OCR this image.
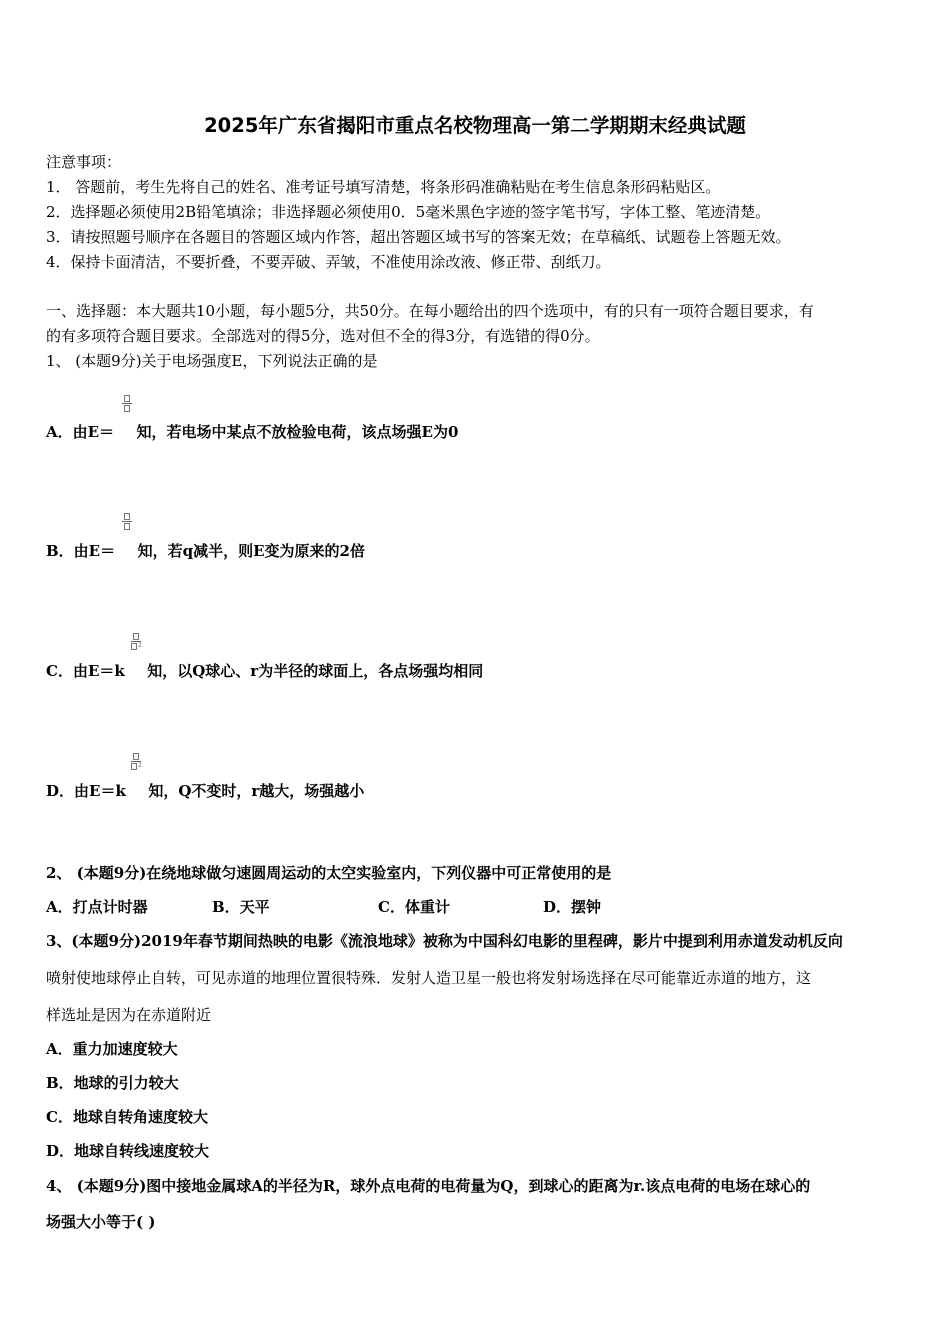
2025年广东省揭阳市重点名校物理高一第二学期期末经典试题
注意事项：
1． 答题前，考生先将自己的姓名、准考证号填写清楚，将条形码准确粘贴在考生信息条形码粘贴区。
2．选择题必须使用2B铅笔填涂；非选择题必须使用0．5毫米黑色字迹的签字笔书写，字体工整、笔迹清楚。
3．请按照题号顺序在各题目的答题区域内作答，超出答题区域书写的答案无效；在草稿纸、试题卷上答题无效。
4．保持卡面清洁，不要折叠，不要弄破、弄皱，不准使用涂改液、修正带、刮纸刀。
一、选择题：本大题共10小题，每小题5分，共50分。在每小题给出的四个选项中，有的只有一项符合题目要求，有
的有多项符合题目要求。全部选对的得5分，选对但不全的得3分，有选错的得0分。
1、 (本题9分)关于电场强度E，下列说法正确的是
A．由E＝ 知，若电场中某点不放检验电荷，该点场强E为0
B．由E＝ 知，若q减半，则E变为原来的2倍
2
C．由E＝k 知，以Q球心、r为半径的球面上，各点场强均相同
2
D．由E＝k 知，Q不变时，r越大，场强越小
2、 (本题9分)在绕地球做匀速圆周运动的太空实验室内，下列仪器中可正常使用的是
A．打点计时器	B．天平	C．体重计	D．摆钟
3、(本题9分)2019年春节期间热映的电影《流浪地球》被称为中国科幻电影的里程碑，影片中提到利用赤道发动机反向
喷射使地球停止自转，可见赤道的地理位置很特殊．发射人造卫星一般也将发射场选择在尽可能靠近赤道的地方，这
样选址是因为在赤道附近
A．重力加速度较大
B．地球的引力较大
C．地球自转角速度较大
D．地球自转线速度较大
4、 (本题9分)图中接地金属球A的半径为R，球外点电荷的电荷量为Q，到球心的距离为r.该点电荷的电场在球心的
场强大小等于( )
